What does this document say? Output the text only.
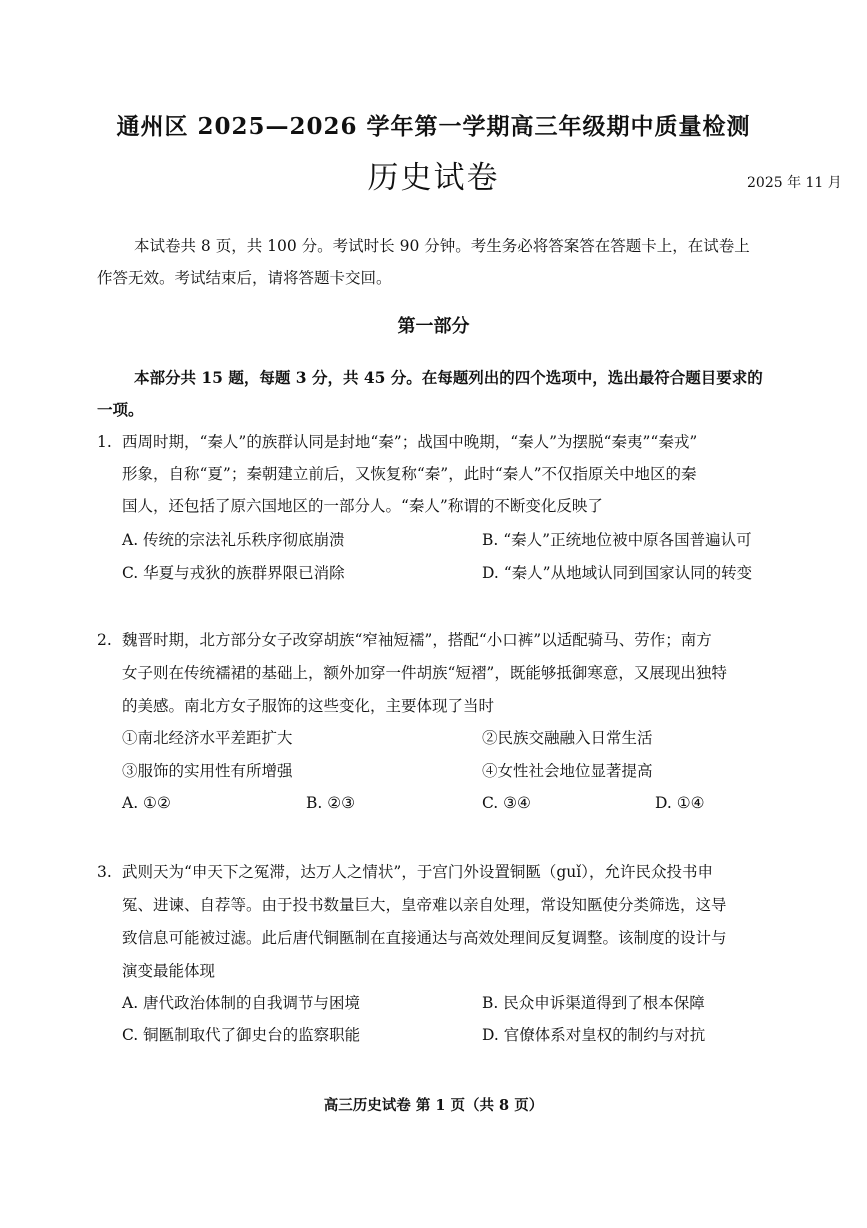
通州区 2025—2026 学年第一学期高三年级期中质量检测
历史试卷	2025 年 11 月
本试卷共 8 页，共 100 分。考试时长 90 分钟。考生务必将答案答在答题卡上，在试卷上
作答无效。考试结束后，请将答题卡交回。
第一部分
本部分共 15 题，每题 3 分，共 45 分。在每题列出的四个选项中，选出最符合题目要求的
一项。
1. 西周时期，“秦人”的族群认同是封地“秦”；战国中晚期，“秦人”为摆脱“秦夷”“秦戎”
形象，自称“夏”；秦朝建立前后，又恢复称“秦”，此时“秦人”不仅指原关中地区的秦
国人，还包括了原六国地区的一部分人。“秦人”称谓的不断变化反映了
A. 传统的宗法礼乐秩序彻底崩溃	B. “秦人”正统地位被中原各国普遍认可
C. 华夏与戎狄的族群界限已消除	D. “秦人”从地域认同到国家认同的转变
2. 魏晋时期，北方部分女子改穿胡族“窄袖短襦”，搭配“小口裤”以适配骑马、劳作；南方
女子则在传统襦裙的基础上，额外加穿一件胡族“短褶”，既能够抵御寒意，又展现出独特
的美感。南北方女子服饰的这些变化，主要体现了当时
①南北经济水平差距扩大	②民族交融融入日常生活
③服饰的实用性有所增强	④女性社会地位显著提高
A. ①②	B. ②③	C. ③④	D. ①④
3. 武则天为“申天下之冤滞，达万人之情状”，于宫门外设置铜匦（guǐ），允许民众投书申
冤、进谏、自荐等。由于投书数量巨大，皇帝难以亲自处理，常设知匦使分类筛选，这导
致信息可能被过滤。此后唐代铜匦制在直接通达与高效处理间反复调整。该制度的设计与
演变最能体现
A. 唐代政治体制的自我调节与困境	B. 民众申诉渠道得到了根本保障
C. 铜匦制取代了御史台的监察职能	D. 官僚体系对皇权的制约与对抗
高三历史试卷 第 1 页（共 8 页）
